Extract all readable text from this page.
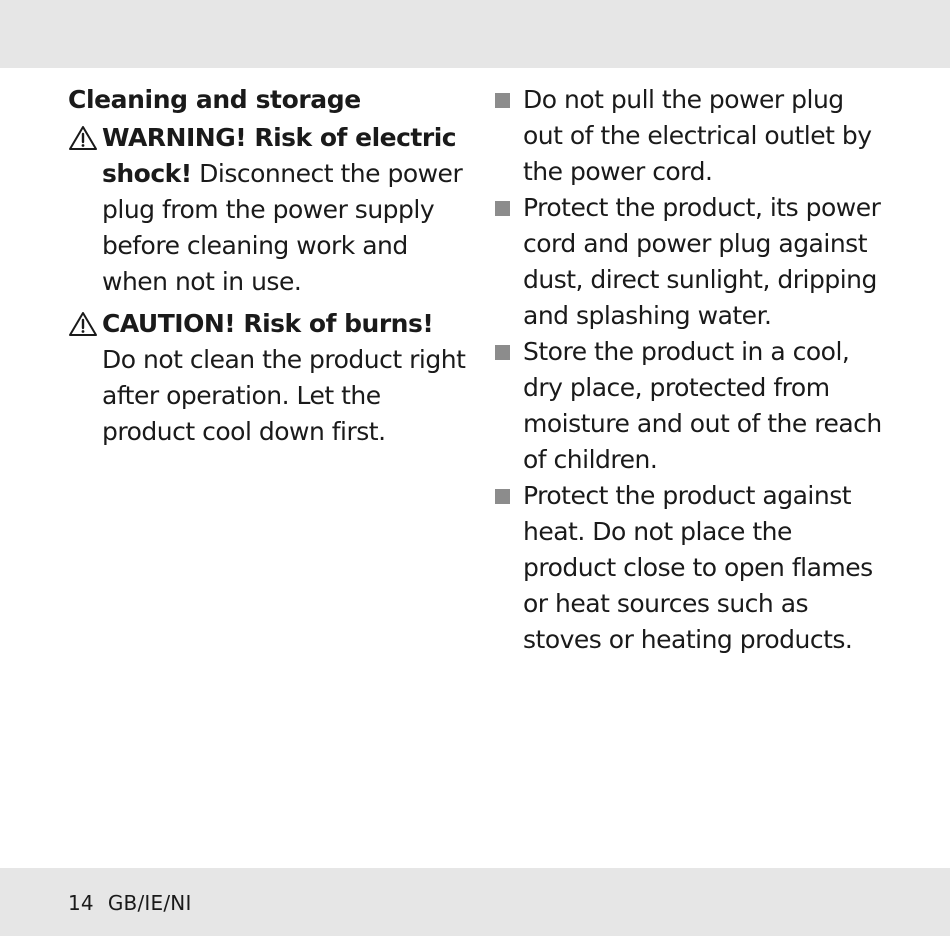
Cleaning and storage

WARNING! Risk of electric shock! Disconnect the power plug from the power supply before cleaning work and when not in use.

CAUTION! Risk of burns! Do not clean the product right after operation. Let the product cool down first.

Do not pull the power plug out of the electrical outlet by the power cord.
Protect the product, its power cord and power plug against dust, direct sunlight, dripping and splashing water.
Store the product in a cool, dry place, protected from moisture and out of the reach of children.
Protect the product against heat. Do not place the product close to open flames or heat sources such as stoves or heating products.
14 GB/IE/NI
